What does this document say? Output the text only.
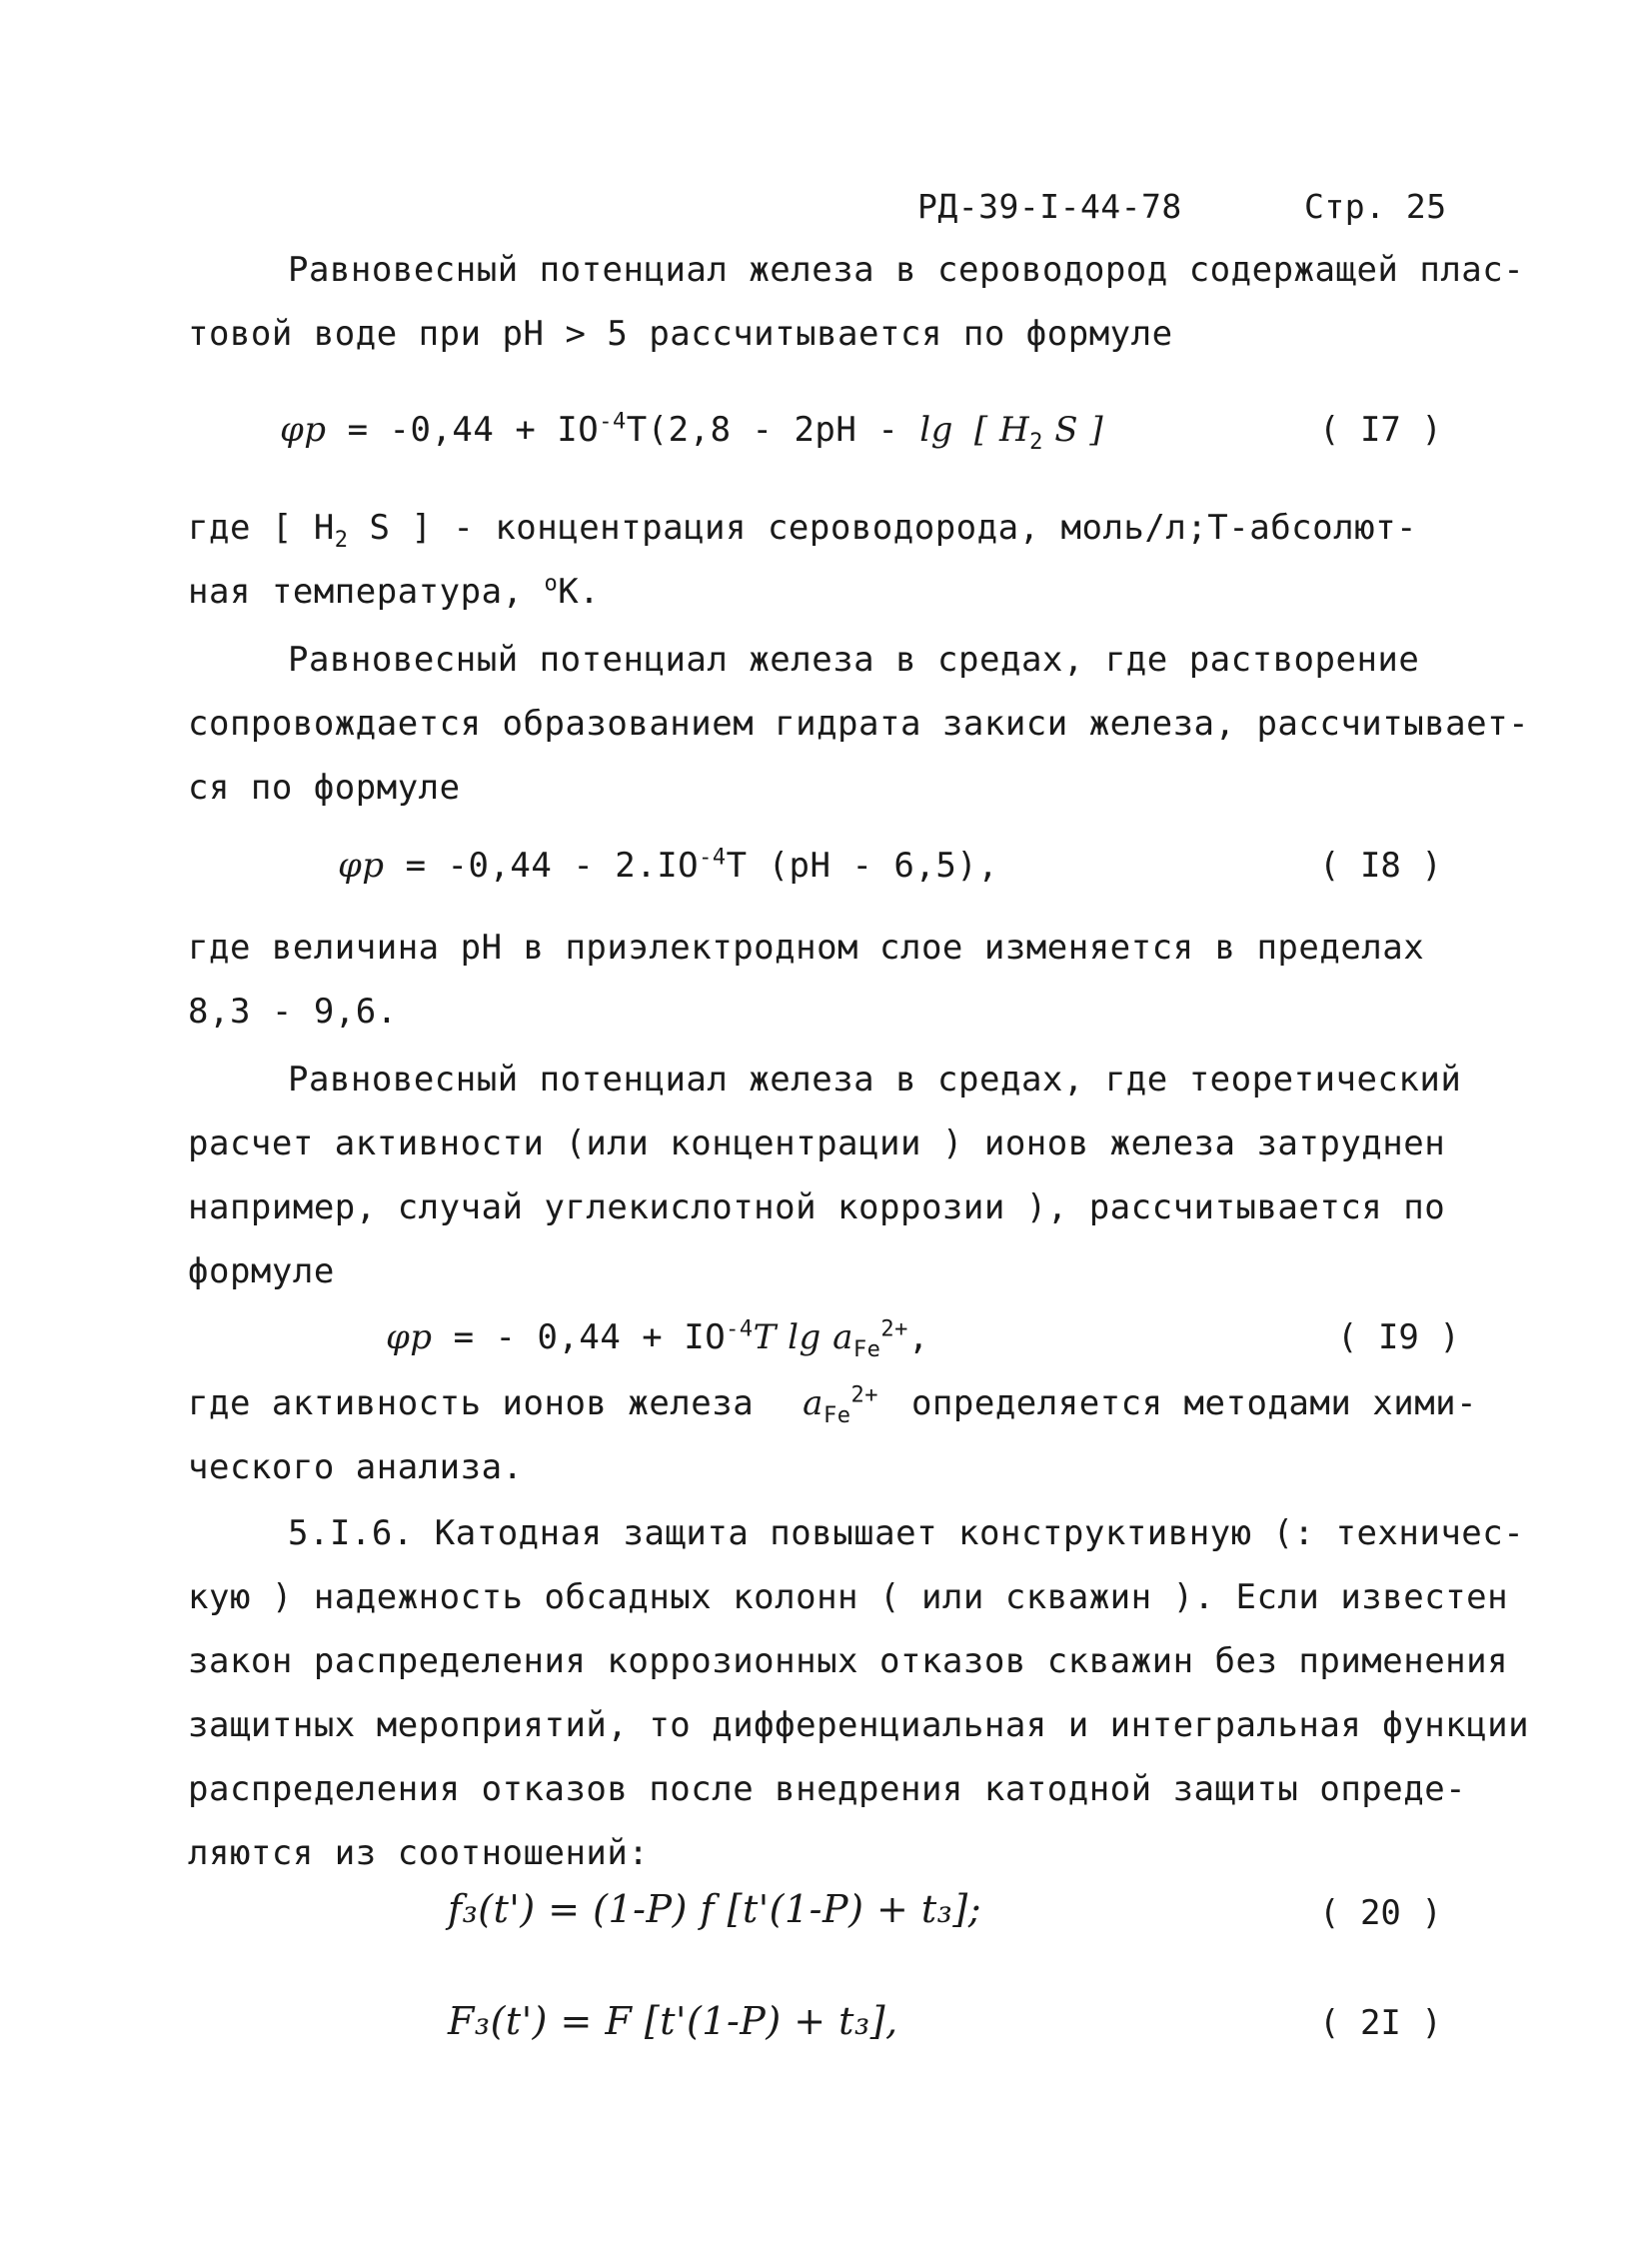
РД-39-I-44-78	Стр. 25
Равновесный потенциал железа в сероводород содержащей плас-
товой воде при pH > 5 рассчитывается по формуле
$\varphi p = -0,44 + IO^{-4}T(2,8 - 2pH - \lg$ [ $H_2$ S ]	( I7 )
где [ $H_2$ S ] - концентрация сероводорода, моль/л;T-абсолют-
ная температура, $^o$K.
Равновесный потенциал железа в средах, где растворение
сопровождается образованием гидрата закиси железа, рассчитывает-
ся по формуле
$\varphi p = -0,44 - 2.IO^{-4}T$ (pH - 6,5),	( I8 )
где величина pH в приэлектродном слое изменяется в пределах
8,3 - 9,6.
Равновесный потенциал железа в средах, где теоретический
расчет активности (или концентрации ) ионов железа затруднен
например, случай углекислотной коррозии ), рассчитывается по
формуле
φp = - $0,44 + IO^{-4}T$ $\lg a_{Fe}^{2+}$,	( I9 )
где активность ионов железа $a_{Fe}^{2+}$ определяется методами хими-
ческого анализа.
5.I.6. Катодная защита повышает конструктивную (: техничес-
кую ) надежность обсадных колонн ( или скважин ). Если известен
закон распределения коррозионных отказов скважин без применения
защитных мероприятий, то дифференциальная и интегральная функции
распределения отказов после внедрения катодной защиты опреде-
ляются из соотношений:
f₃(t') = (1-P) f [t'(1-P) + t₃];	( 20 )
F₃(t') = F [t'(1-P) + t₃],	( 2I )
